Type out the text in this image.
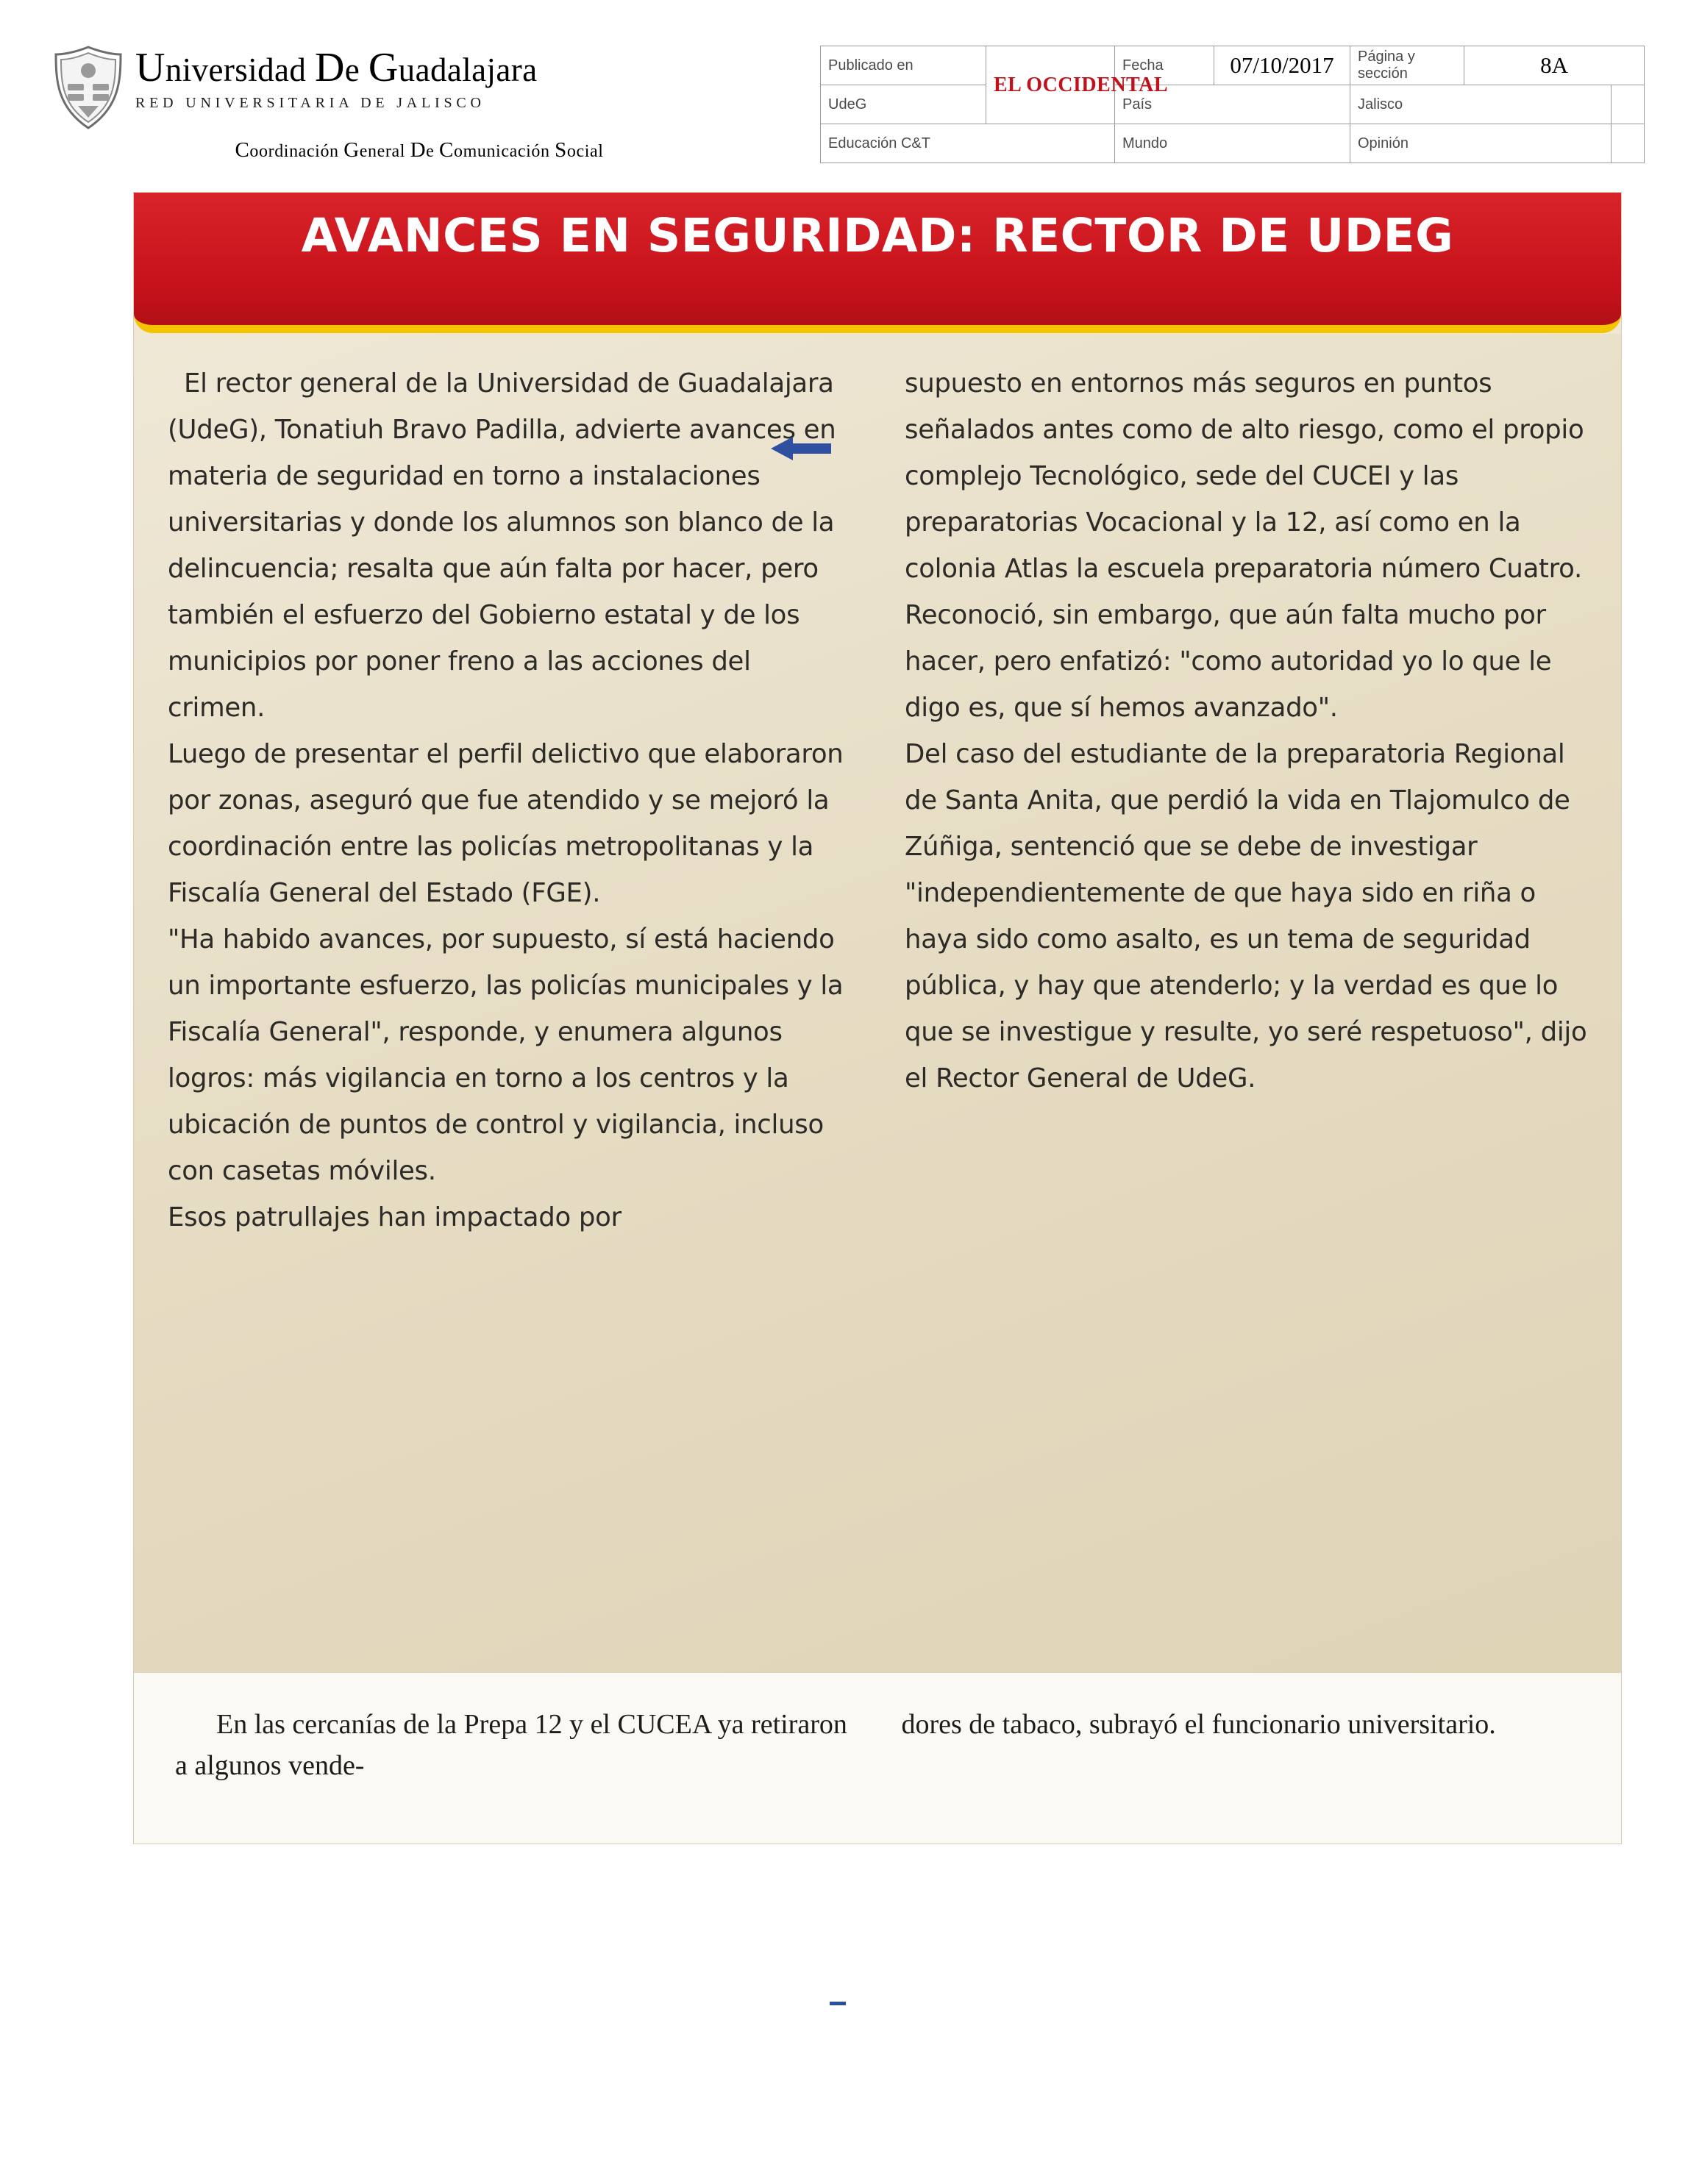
Universidad De Guadalajara
RED UNIVERSITARIA DE JALISCO
Coordinación General De Comunicación Social
Publicado en	EL OCCIDENTAL	Fecha	07/10/2017	Página y sección	8A	
UdeG		País		Jalisco		
Educación C&T		Mundo		Opinión		
AVANCES EN SEGURIDAD: RECTOR DE UDEG

El rector general de la Universidad de Guadalajara (UdeG), Tonatiuh Bravo Padilla, advierte avances en materia de seguridad en torno a instalaciones universitarias y donde los alumnos son blanco de la delincuencia; resalta que aún falta por hacer, pero también el esfuerzo del Gobierno estatal y de los municipios por poner freno a las acciones del crimen.

Luego de presentar el perfil delictivo que elaboraron por zonas, aseguró que fue atendido y se mejoró la coordinación entre las policías metropolitanas y la Fiscalía General del Estado (FGE).

"Ha habido avances, por supuesto, sí está haciendo un importante esfuerzo, las policías municipales y la Fiscalía General", responde, y enumera algunos logros: más vigilancia en torno a los centros y la ubicación de puntos de control y vigilancia, incluso con casetas móviles.

Esos patrullajes han impactado por

supuesto en entornos más seguros en puntos señalados antes como de alto riesgo, como el propio complejo Tecnológico, sede del CUCEI y las preparatorias Vocacional y la 12, así como en la colonia Atlas la escuela preparatoria número Cuatro. Reconoció, sin embargo, que aún falta mucho por hacer, pero enfatizó: "como autoridad yo lo que le digo es, que sí hemos avanzado".

Del caso del estudiante de la preparatoria Regional de Santa Anita, que perdió la vida en Tlajomulco de Zúñiga, sentenció que se debe de investigar "independientemente de que haya sido en riña o haya sido como asalto, es un tema de seguridad pública, y hay que atenderlo; y la verdad es que lo que se investigue y resulte, yo seré respetuoso", dijo el Rector General de UdeG.

En las cercanías de la Prepa 12 y el CUCEA ya retiraron a algunos vende-

dores de tabaco, subrayó el funcionario universitario.
